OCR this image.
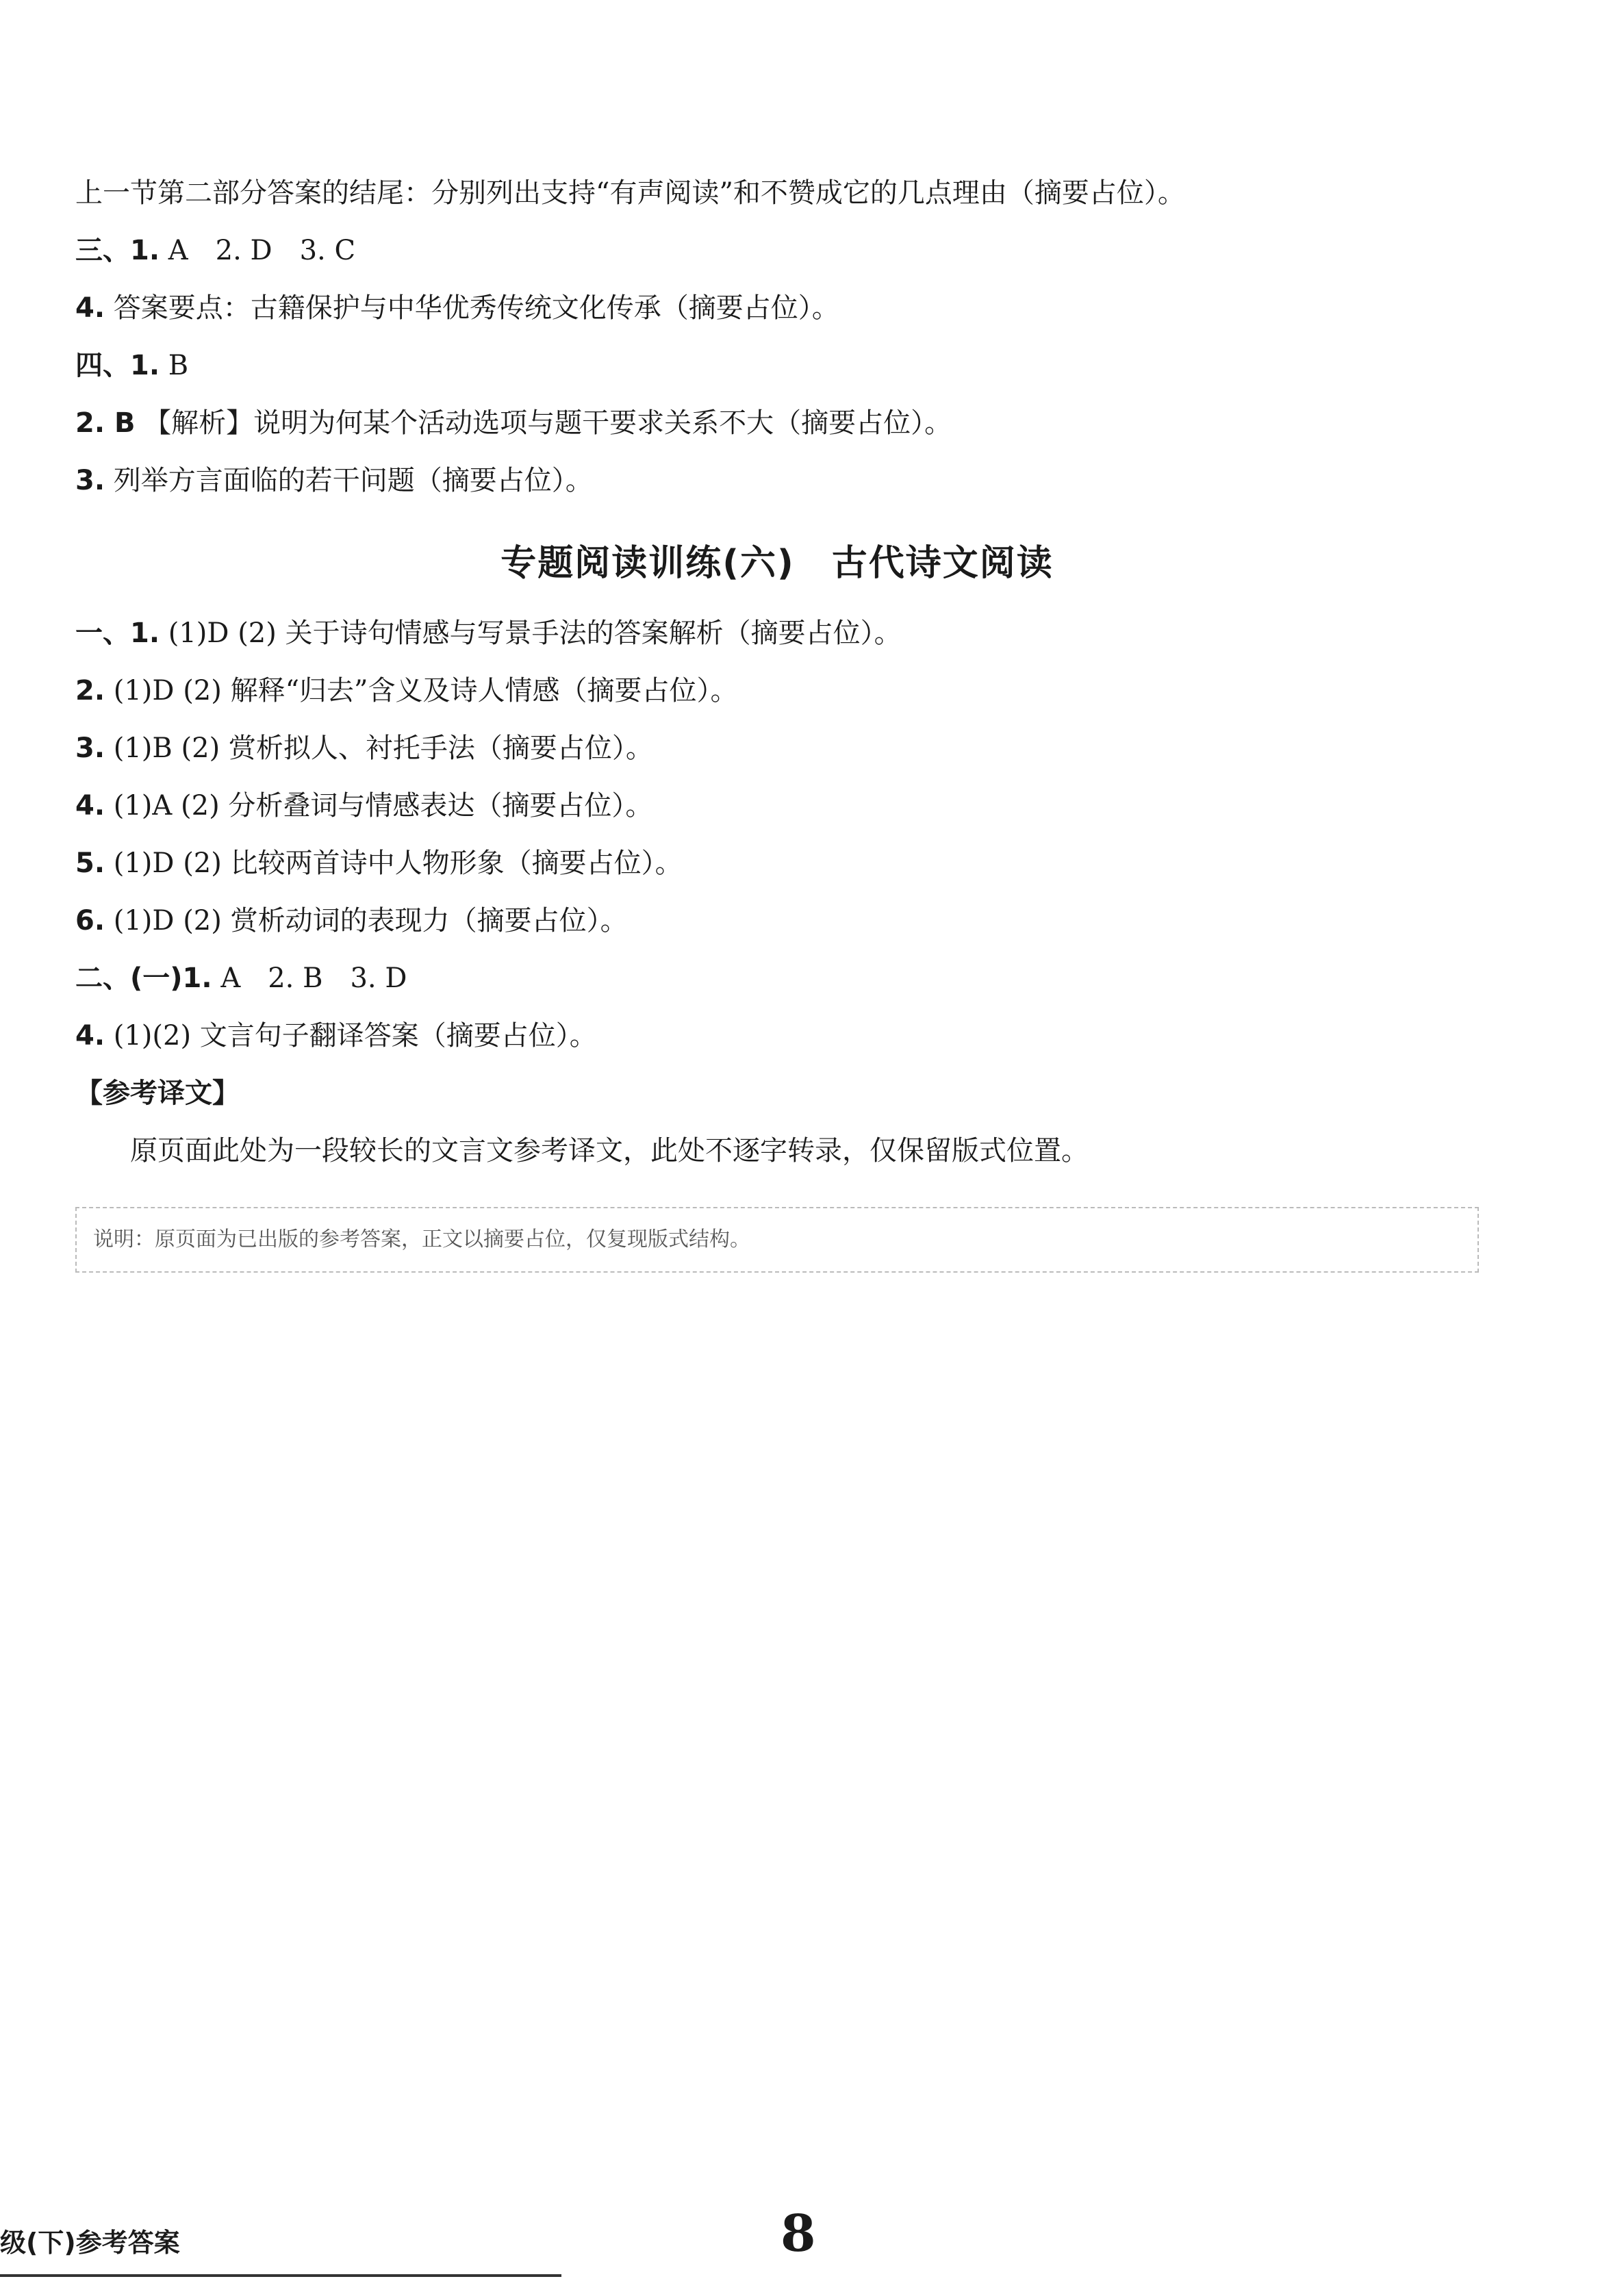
上一节第二部分答案的结尾：分别列出支持“有声阅读”和不赞成它的几点理由（摘要占位）。

三、1. A　2. D　3. C

4. 答案要点：古籍保护与中华优秀传统文化传承（摘要占位）。

四、1. B

2. B 【解析】说明为何某个活动选项与题干要求关系不大（摘要占位）。

3. 列举方言面临的若干问题（摘要占位）。

专题阅读训练(六)　古代诗文阅读

一、1. (1)D (2) 关于诗句情感与写景手法的答案解析（摘要占位）。

2. (1)D (2) 解释“归去”含义及诗人情感（摘要占位）。

3. (1)B (2) 赏析拟人、衬托手法（摘要占位）。

4. (1)A (2) 分析叠词与情感表达（摘要占位）。

5. (1)D (2) 比较两首诗中人物形象（摘要占位）。

6. (1)D (2) 赏析动词的表现力（摘要占位）。

二、(一)1. A　2. B　3. D

4. (1)(2) 文言句子翻译答案（摘要占位）。

【参考译文】

原页面此处为一段较长的文言文参考译文，此处不逐字转录，仅保留版式位置。

说明：原页面为已出版的参考答案，正文以摘要占位，仅复现版式结构。
级(下)参考答案	8
